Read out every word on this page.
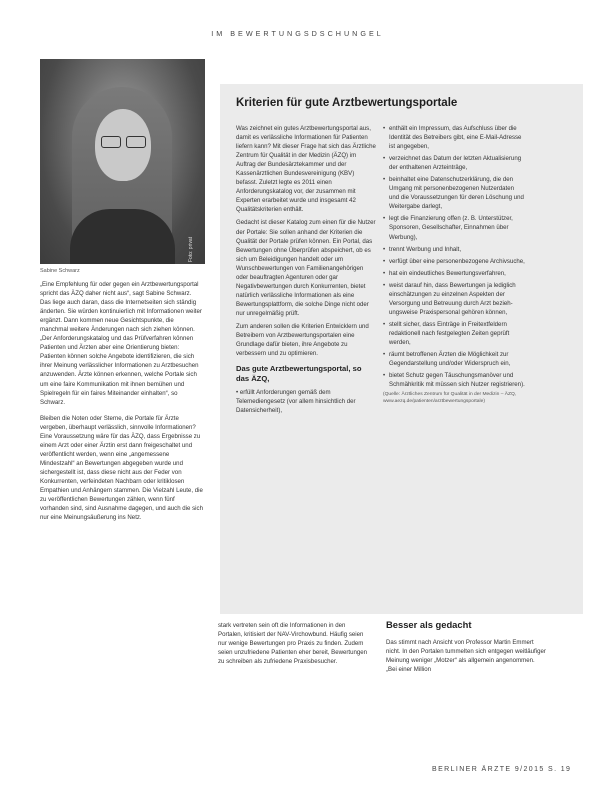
IM BEWERTUNGSDSCHUNGEL
Foto: privat
Sabine Schwarz

„Eine Empfehlung für oder gegen ein Arztbewertungsportal spricht das ÄZQ daher nicht aus“, sagt Sabine Schwarz. Das liege auch daran, dass die Internetseiten sich ständig änderten. Sie würden kontinuierlich mit Informationen weiter ergänzt. Dann kommen neue Gesichtspunkte, die manchmal weitere Änderungen nach sich ziehen können. „Der Anforderungskatalog und das Prüfverfahren können Patienten und Ärzten aber eine Orientierung bieten: Patienten können solche Angebote identifizieren, die sich ihrer Meinung verlässlicher Informationen zu Arztbesuchen anzuwenden. Ärzte können erkennen, welche Portale sich um eine faire Kommunikation mit ihnen bemühen und Spielregeln für ein faires Miteinander einhalten“, so Schwarz.

Bleiben die Noten oder Sterne, die Portale für Ärzte vergeben, überhaupt verlässlich, sinnvolle Informationen? Eine Voraussetzung wäre für das ÄZQ, dass Ergebnisse zu einem Arzt oder einer Ärztin erst dann freigeschaltet und veröffentlicht werden, wenn eine „angemessene Mindestzahl“ an Bewertungen abgegeben wurde und sichergestellt ist, dass diese nicht aus der Feder von Konkurrenten, verfeindeten Nachbarn oder kritiklosen Empathien und Anhängern stammen. Die Vielzahl Leute, die zu veröffentlichen Bewertungen zählen, wenn fünf vorhanden sind, sind Ausnahme dagegen, und auch die sich nur eine Meinungsäußerung ins Netz.

Kriterien für gute Arztbewertungsportale

Was zeichnet ein gutes Arztbewertungsportal aus, damit es verlässliche Informationen für Patienten liefern kann? Mit dieser Frage hat sich das Ärztliche Zentrum für Qualität in der Medizin (ÄZQ) im Auftrag der Bundesärztekammer und der Kassenärztlichen Bundesvereinigung (KBV) befasst. Zuletzt legte es 2011 einen Anforderungskatalog vor, der zusammen mit Experten erarbeitet wurde und insgesamt 42 Qualitätskriterien enthält.

Gedacht ist dieser Katalog zum einen für die Nutzer der Portale: Sie sollen anhand der Kriterien die Qualität der Portale prüfen können. Ein Portal, das Bewertungen ohne Überprüfen abspeichert, ob es sich um Beleidigungen handelt oder um Wunschbewertungen von Familienangehörigen oder beauftragten Agenturen oder gar Negativbewertungen durch Konkurrenten, bietet natürlich verlässliche Informationen als eine Bewertungsplattform, die solche Dinge nicht oder nur unregelmäßig prüft.

Zum anderen sollen die Kriterien Entwicklern und Betreibern von Arztbewertungsportalen eine Grundlage dafür bieten, ihre Angebote zu verbessern und zu optimieren.

Das gute Arztbewertungsportal, so das ÄZQ,

• erfüllt Anforderungen gemäß dem Telemediengesetz (vor allem hinsichtlich der Datensicherheit),

• enthält ein Impressum, das Aufschluss über die Identität des Betreibers gibt, eine E-Mail-Adresse ist angegeben,
• verzeichnet das Datum der letzten Aktualisierung der enthaltenen Arzteinträge,
• beinhaltet eine Datenschutzerklärung, die den Umgang mit personenbezogenen Nutzerdaten und die Voraussetzungen für deren Löschung und Weitergabe darlegt,
• legt die Finanzierung offen (z. B. Unterstützer, Sponsoren, Gesellschafter, Einnahmen über Werbung),
• trennt Werbung und Inhalt,
• verfügt über eine personenbezogene Archivsuche,
• hat ein eindeutliches Bewertungsverfahren,
• weist darauf hin, dass Bewertungen ja lediglich einschätzungen zu einzelnen Aspekten der Versorgung und Betreuung durch Arzt bezieh- ungsweise Praxispersonal gehören können,
• stellt sicher, dass Einträge in Freitextfeldern redaktionell nach festgelegten Zeiten geprüft werden,
• räumt betroffenen Ärzten die Möglichkeit zur Gegendarstellung und/oder Widerspruch ein,
• bietet Schutz gegen Täuschungsmanöver und Schmähkritik mit müssen sich Nutzer registrieren).
(Quelle: Ärztliches Zentrum für Qualität in der Medizin – ÄZQ, www.aezq.de/patienten/arztbewertungsportale)
stark vertreten sein oft die Informationen in den Portalen, kritisiert der NAV-Virchowbund. Häufig seien nur wenige Bewertungen pro Praxis zu finden. Zudem seien unzufriedene Patienten eher bereit, Bewertungen zu schreiben als zufriedene Praxisbesucher.
Besser als gedacht
Das stimmt nach Ansicht von Professor Martin Emmert nicht. In den Portalen tummelten sich entgegen weitläufiger Meinung weniger „Motzer“ als allgemein angenommen. „Bei einer Million
BERLINER ÄRZTE 9/2015 S. 19
